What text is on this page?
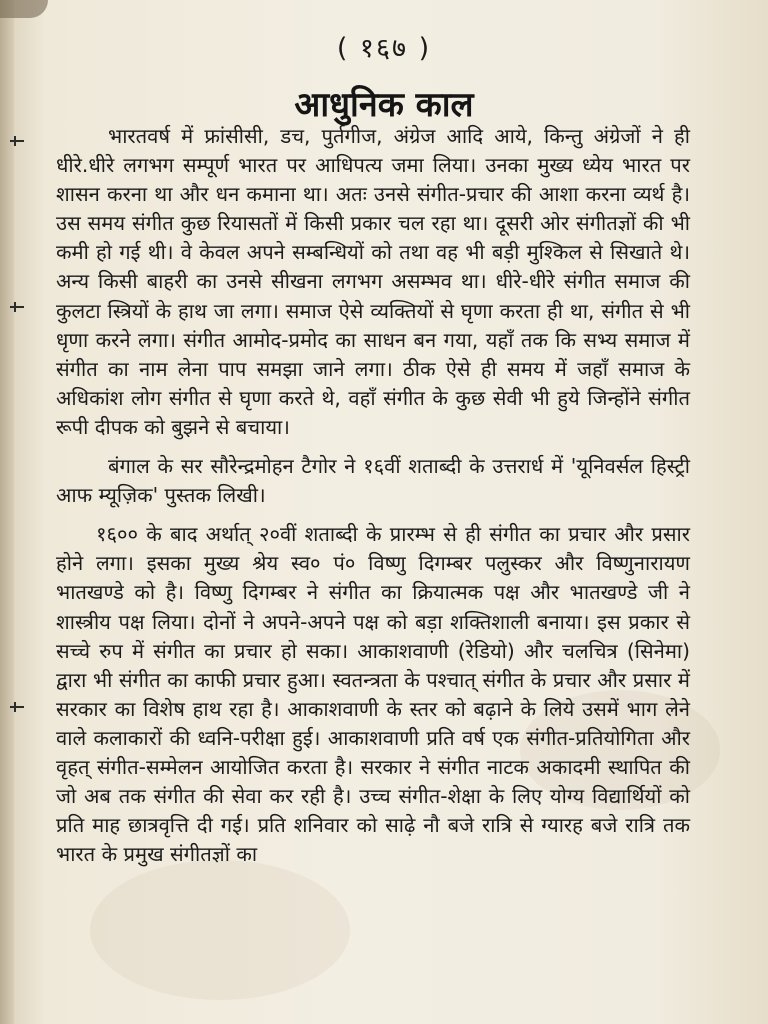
( १६७ )
आधुनिक काल

भारतवर्ष में फ्रांसीसी, डच, पुर्तगीज, अंग्रेज आदि आये, किन्तु अंग्रेजों ने ही धीरे.धीरे लगभग सम्पूर्ण भारत पर आधिपत्य जमा लिया। उनका मुख्य ध्येय भारत पर शासन करना था और धन कमाना था। अतः उनसे संगीत-प्रचार की आशा करना व्यर्थ है। उस समय संगीत कुछ रियासतों में किसी प्रकार चल रहा था। दूसरी ओर संगीतज्ञों की भी कमी हो गई थी। वे केवल अपने सम्बन्धियों को तथा वह भी बड़ी मुश्किल से सिखाते थे। अन्य किसी बाहरी का उनसे सीखना लगभग असम्भव था। धीरे-धीरे संगीत समाज की कुलटा स्त्रियों के हाथ जा लगा। समाज ऐसे व्यक्तियों से घृणा करता ही था, संगीत से भी धृणा करने लगा। संगीत आमोद-प्रमोद का साधन बन गया, यहाँ तक कि सभ्य समाज में संगीत का नाम लेना पाप समझा जाने लगा। ठीक ऐसे ही समय में जहाँ समाज के अधिकांश लोग संगीत से घृणा करते थे, वहाँ संगीत के कुछ सेवी भी हुये जिन्होंने संगीत रूपी दीपक को बुझने से बचाया।

बंगाल के सर सौरेन्द्रमोहन टैगोर ने १६वीं शताब्दी के उत्तरार्ध में 'यूनिवर्सल हिस्ट्री आफ म्यूज़िक' पुस्तक लिखी।

१६०० के बाद अर्थात् २०वीं शताब्दी के प्रारम्भ से ही संगीत का प्रचार और प्रसार होने लगा। इसका मुख्य श्रेय स्व० पं० विष्णु दिगम्बर पलुस्कर और विष्णुनारायण भातखण्डे को है। विष्णु दिगम्बर ने संगीत का क्रियात्मक पक्ष और भातखण्डे जी ने शास्त्रीय पक्ष लिया। दोनों ने अपने-अपने पक्ष को बड़ा शक्तिशाली बनाया। इस प्रकार से सच्चे रुप में संगीत का प्रचार हो सका। आकाशवाणी (रेडियो) और चलचित्र (सिनेमा) द्वारा भी संगीत का काफी प्रचार हुआ। स्वतन्त्रता के पश्चात् संगीत के प्रचार और प्रसार में सरकार का विशेष हाथ रहा है। आकाशवाणी के स्तर को बढ़ाने के लिये उसमें भाग लेने वाले कलाकारों की ध्वनि-परीक्षा हुई। आकाशवाणी प्रति वर्ष एक संगीत-प्रतियोगिता और वृहत् संगीत-सम्मेलन आयोजित करता है। सरकार ने संगीत नाटक अकादमी स्थापित की जो अब तक संगीत की सेवा कर रही है। उच्च संगीत-शेक्षा के लिए योग्य विद्यार्थियों को प्रति माह छात्रवृत्ति दी गई। प्रति शनिवार को साढ़े नौ बजे रात्रि से ग्यारह बजे रात्रि तक भारत के प्रमुख संगीतज्ञों का
